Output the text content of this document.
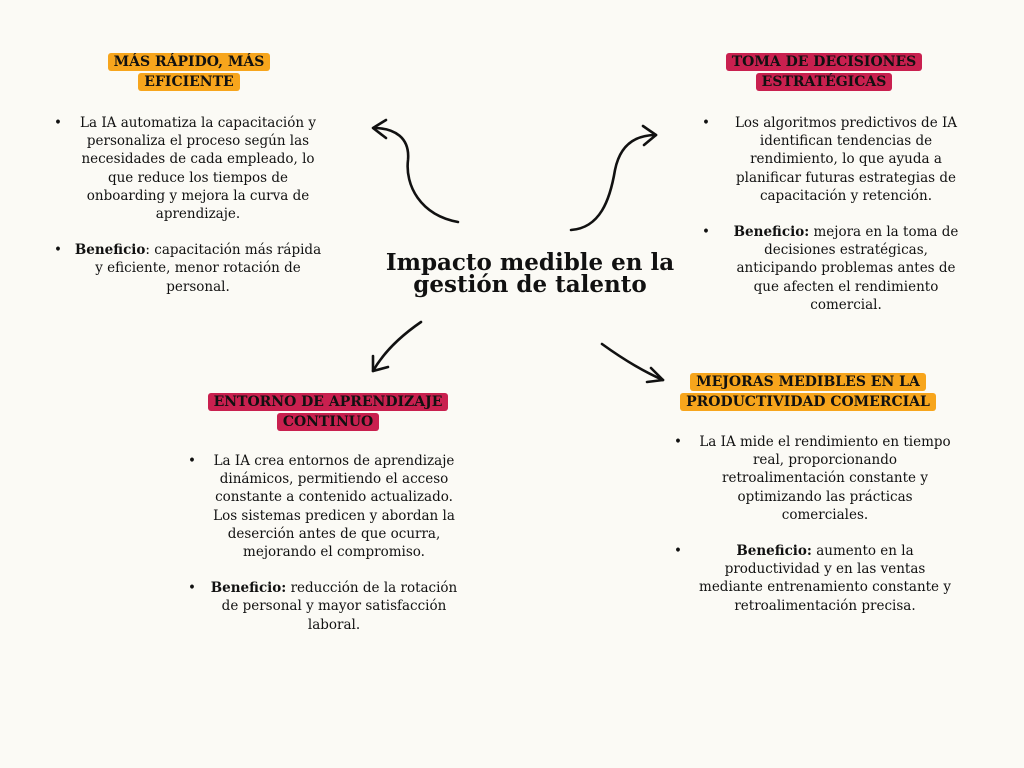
Impacto medible en la gestión de talento
MÁS RÁPIDO, MÁS EFICIENTE
• La IA automatiza la capacitación y personaliza el proceso según las necesidades de cada empleado, lo que reduce los tiempos de onboarding y mejora la curva de aprendizaje.
• Beneficio: capacitación más rápida y eficiente, menor rotación de personal.
TOMA DE DECISIONES ESTRATÉGICAS
• Los algoritmos predictivos de IA identifican tendencias de rendimiento, lo que ayuda a planificar futuras estrategias de capacitación y retención.
• Beneficio: mejora en la toma de decisiones estratégicas, anticipando problemas antes de que afecten el rendimiento comercial.
ENTORNO DE APRENDIZAJE CONTINUO
• La IA crea entornos de aprendizaje dinámicos, permitiendo el acceso constante a contenido actualizado. Los sistemas predicen y abordan la deserción antes de que ocurra, mejorando el compromiso.
• Beneficio: reducción de la rotación de personal y mayor satisfacción laboral.
MEJORAS MEDIBLES EN LA PRODUCTIVIDAD COMERCIAL
• La IA mide el rendimiento en tiempo real, proporcionando retroalimentación constante y optimizando las prácticas comerciales.
•	Beneficio: aumento en la productividad y en las ventas mediante entrenamiento constante y retroalimentación precisa.
